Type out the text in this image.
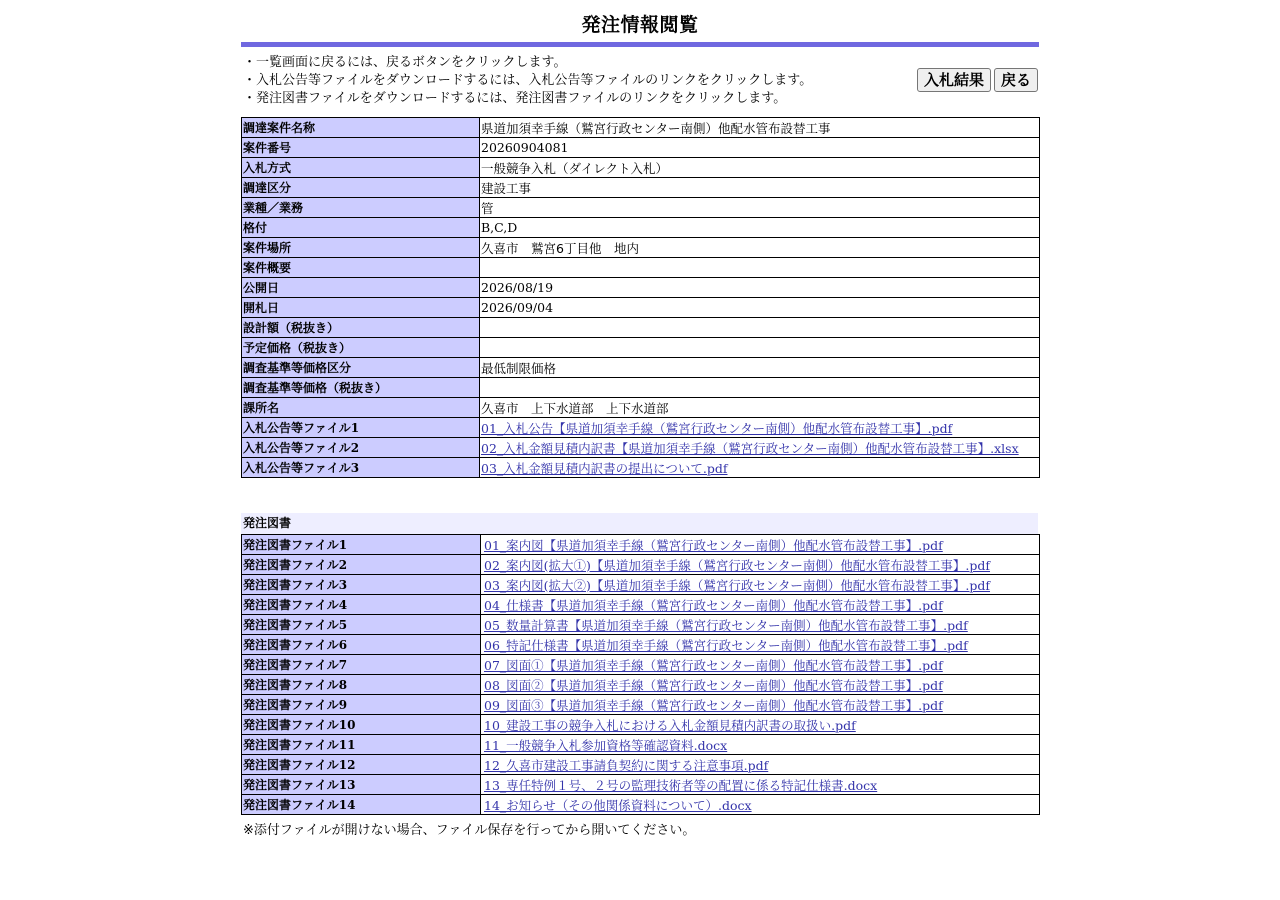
発注情報閲覧
・一覧画面に戻るには、戻るボタンをクリックします。
・入札公告等ファイルをダウンロードするには、入札公告等ファイルのリンクをクリックします。
・発注図書ファイルをダウンロードするには、発注図書ファイルのリンクをクリックします。
入札結果	戻る
調達案件名称	県道加須幸手線（鷲宮行政センター南側）他配水管布設替工事
案件番号	20260904081
入札方式	一般競争入札（ダイレクト入札）
調達区分	建設工事
業種／業務	管
格付	B,C,D
案件場所	久喜市　鷲宮6丁目他　地内
案件概要	
公開日	2026/08/19
開札日	2026/09/04
設計額（税抜き）	
予定価格（税抜き）	
調査基準等価格区分	最低制限価格
調査基準等価格（税抜き）	
課所名	久喜市　上下水道部　上下水道部
入札公告等ファイル1	01_入札公告【県道加須幸手線（鷲宮行政センター南側）他配水管布設替工事】.pdf
入札公告等ファイル2	02_入札金額見積内訳書【県道加須幸手線（鷲宮行政センター南側）他配水管布設替工事】.xlsx
入札公告等ファイル3	03_入札金額見積内訳書の提出について.pdf
発注図書
発注図書ファイル1	01_案内図【県道加須幸手線（鷲宮行政センター南側）他配水管布設替工事】.pdf
発注図書ファイル2	02_案内図(拡大①)【県道加須幸手線（鷲宮行政センター南側）他配水管布設替工事】.pdf
発注図書ファイル3	03_案内図(拡大②)【県道加須幸手線（鷲宮行政センター南側）他配水管布設替工事】.pdf
発注図書ファイル4	04_仕様書【県道加須幸手線（鷲宮行政センター南側）他配水管布設替工事】.pdf
発注図書ファイル5	05_数量計算書【県道加須幸手線（鷲宮行政センター南側）他配水管布設替工事】.pdf
発注図書ファイル6	06_特記仕様書【県道加須幸手線（鷲宮行政センター南側）他配水管布設替工事】.pdf
発注図書ファイル7	07_図面①【県道加須幸手線（鷲宮行政センター南側）他配水管布設替工事】.pdf
発注図書ファイル8	08_図面②【県道加須幸手線（鷲宮行政センター南側）他配水管布設替工事】.pdf
発注図書ファイル9	09_図面③【県道加須幸手線（鷲宮行政センター南側）他配水管布設替工事】.pdf
発注図書ファイル10	10_建設工事の競争入札における入札金額見積内訳書の取扱い.pdf
発注図書ファイル11	11_一般競争入札参加資格等確認資料.docx
発注図書ファイル12	12_久喜市建設工事請負契約に関する注意事項.pdf
発注図書ファイル13	13_専任特例１号、２号の監理技術者等の配置に係る特記仕様書.docx
発注図書ファイル14	14_お知らせ（その他関係資料について）.docx
※添付ファイルが開けない場合、ファイル保存を行ってから開いてください。
